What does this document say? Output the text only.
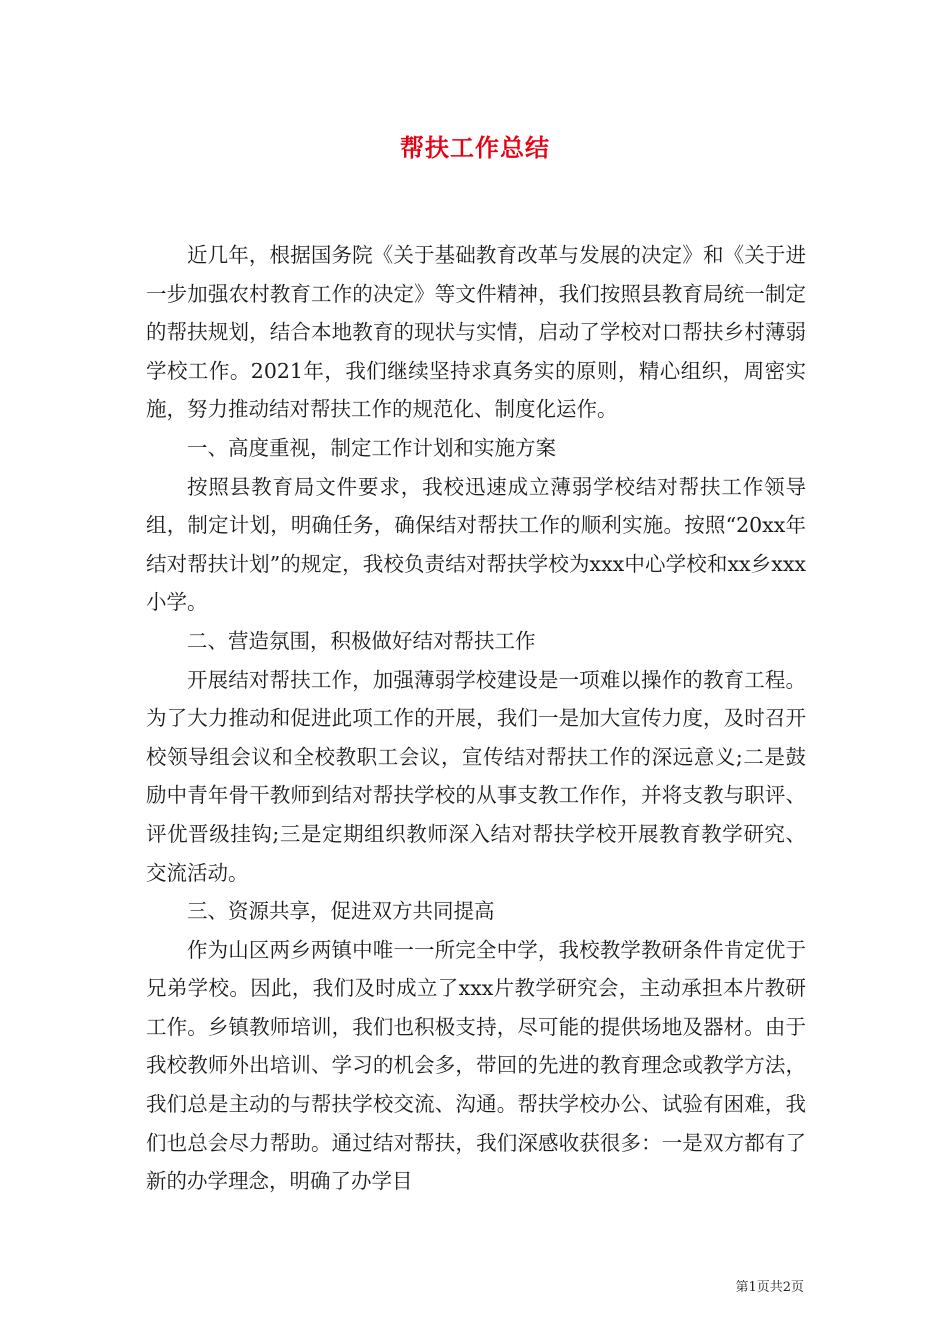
帮扶工作总结

近几年，根据国务院《关于基础教育改革与发展的决定》和《关于进一步加强农村教育工作的决定》等文件精神，我们按照县教育局统一制定的帮扶规划，结合本地教育的现状与实情，启动了学校对口帮扶乡村薄弱学校工作。2021年，我们继续坚持求真务实的原则，精心组织，周密实施，努力推动结对帮扶工作的规范化、制度化运作。

一、高度重视，制定工作计划和实施方案

按照县教育局文件要求，我校迅速成立薄弱学校结对帮扶工作领导组，制定计划，明确任务，确保结对帮扶工作的顺利实施。按照“20xx年结对帮扶计划”的规定，我校负责结对帮扶学校为xxx中心学校和xx乡xxx小学。

二、营造氛围，积极做好结对帮扶工作

开展结对帮扶工作，加强薄弱学校建设是一项难以操作的教育工程。为了大力推动和促进此项工作的开展，我们一是加大宣传力度，及时召开校领导组会议和全校教职工会议，宣传结对帮扶工作的深远意义;二是鼓励中青年骨干教师到结对帮扶学校的从事支教工作作，并将支教与职评、评优晋级挂钩;三是定期组织教师深入结对帮扶学校开展教育教学研究、交流活动。

三、资源共享，促进双方共同提高

作为山区两乡两镇中唯一一所完全中学，我校教学教研条件肯定优于兄弟学校。因此，我们及时成立了xxx片教学研究会，主动承担本片教研工作。乡镇教师培训，我们也积极支持，尽可能的提供场地及器材。由于我校教师外出培训、学习的机会多，带回的先进的教育理念或教学方法，我们总是主动的与帮扶学校交流、沟通。帮扶学校办公、试验有困难，我们也总会尽力帮助。通过结对帮扶，我们深感收获很多：一是双方都有了新的办学理念，明确了办学目

第1页共2页
